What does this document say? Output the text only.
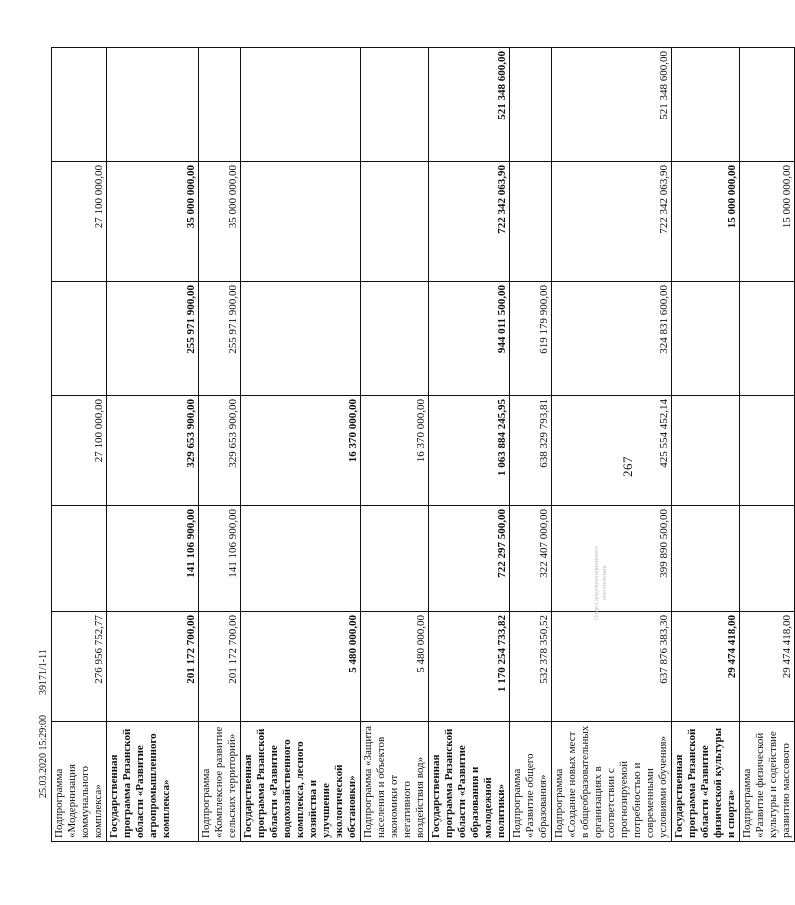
Подпрограмма «Модернизация коммунального комплекса»	276 956 752,77		27 100 000,00		27 100 000,00	
Государственная программа Рязанской области «Развитие агропромышленного комплекса»	201 172 700,00	141 106 900,00	329 653 900,00	255 971 900,00	35 000 000,00	
Подпрограмма «Комплексное развитие сельских территорий»	201 172 700,00	141 106 900,00	329 653 900,00	255 971 900,00	35 000 000,00	
Государственная программа Рязанской области «Развитие водохозяйственного комплекса, лесного хозяйства и улучшение экологической обстановки»	5 480 000,00		16 370 000,00			
Подпрограмма «Защита населения и объектов экономики от негативного воздействия вод»	5 480 000,00		16 370 000,00			
Государственная программа Рязанской области «Развитие образования и молодежной политики»	1 170 254 733,82	722 297 500,00	1 063 884 245,95	944 011 500,00	722 342 063,90	521 348 600,00
Подпрограмма «Развитие общего образования»	532 378 350,52	322 407 000,00	638 329 793,81	619 179 900,00		
Подпрограмма «Создание новых мест в общеобразовательных организациях в соответствии с прогнозируемой потребностью и современными условиями обучения»	637 876 383,30	399 890 500,00	425 554 452,14	324 831 600,00	722 342 063,90	521 348 600,00
Государственная программа Рязанской области «Развитие физической культуры и спорта»	29 474 418,00				15 000 000,00	
Подпрограмма «Развитие физической культуры и содействие развитию массового	29 474 418,00				15 000 000,00	
267
25.03.2020 15:29:00
39171/1-11
Отдел документационного обеспечения
